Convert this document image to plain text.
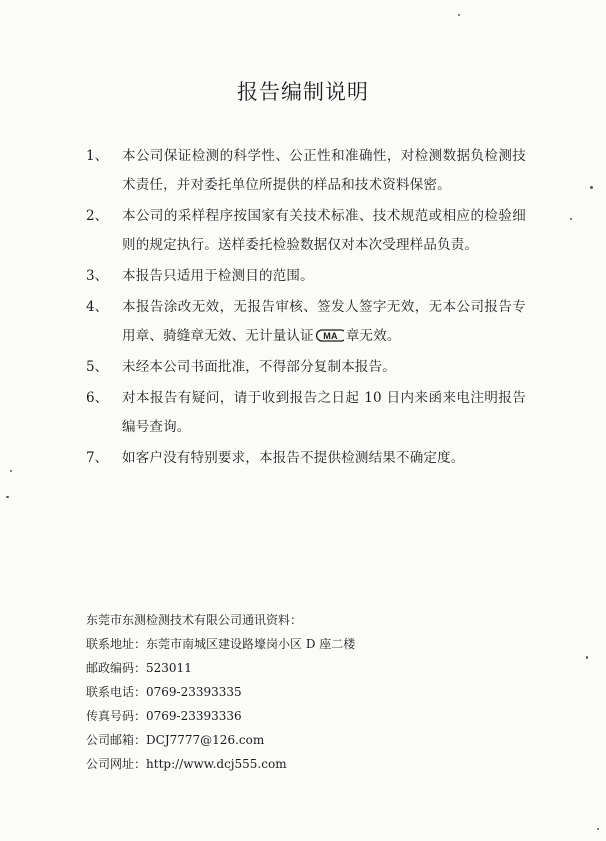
报告编制说明
1、 本公司保证检测的科学性、公正性和准确性，对检测数据负检测技术责任，并对委托单位所提供的样品和技术资料保密。
2、 本公司的采样程序按国家有关技术标准、技术规范或相应的检验细则的规定执行。送样委托检验数据仅对本次受理样品负责。
3、 本报告只适用于检测目的范围。
4、 本报告涂改无效，无报告审核、签发人签字无效，无本公司报告专用章、骑缝章无效、无计量认证 MA 章无效。
5、 未经本公司书面批准，不得部分复制本报告。
6、 对本报告有疑问，请于收到报告之日起 10 日内来函来电注明报告编号查询。
7、 如客户没有特别要求，本报告不提供检测结果不确定度。
东莞市东测检测技术有限公司通讯资料：
联系地址：东莞市南城区建设路壕岗小区 D 座二楼
邮政编码：523011
联系电话：0769-23393335
传真号码：0769-23393336
公司邮箱：DCJ7777@126.com
公司网址：http://www.dcj555.com
